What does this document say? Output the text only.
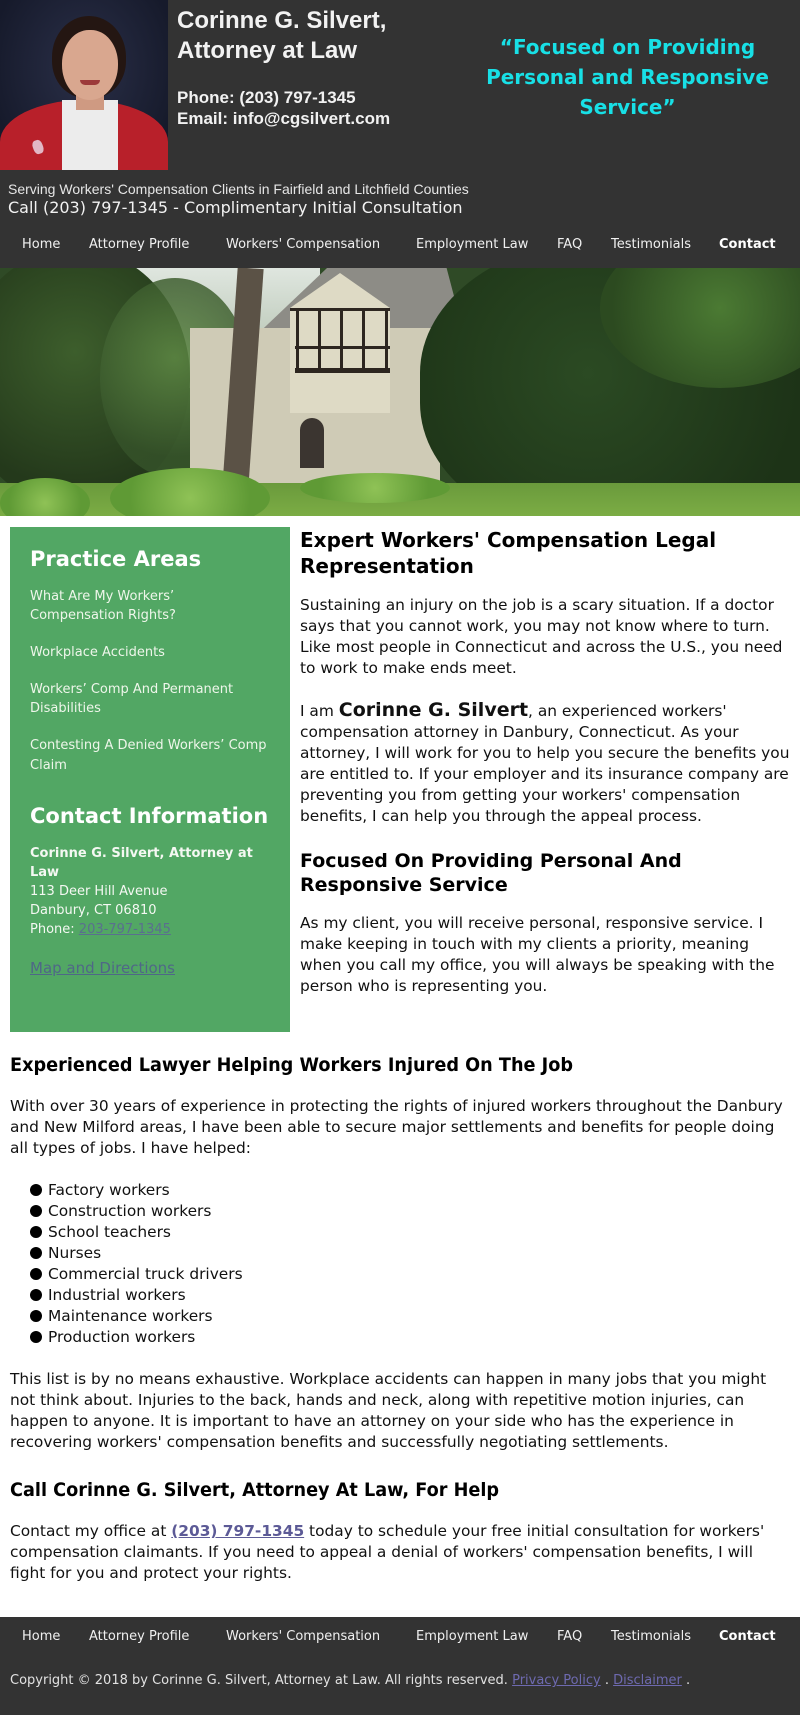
Corinne G. Silvert,
Attorney at Law
Phone: (203) 797-1345
Email: info@cgsilvert.com
“Focused on Providing
Personal and Responsive
Service”
Serving Workers' Compensation Clients in Fairfield and Litchfield Counties
Call (203) 797-1345 - Complimentary Initial Consultation
Home Attorney Profile	Workers' Compensation	Employment Law FAQ Testimonials Contact
Practice Areas
What Are My Workers’
Compensation Rights?
Workplace Accidents
Workers’ Comp And Permanent
Disabilities
Contesting A Denied Workers’ Comp
Claim
Contact Information
Corinne G. Silvert, Attorney at
Law
113 Deer Hill Avenue
Danbury, CT 06810
Phone: 203-797-1345
Map and Directions
Expert Workers' Compensation Legal
Representation

Sustaining an injury on the job is a scary situation. If a doctor says that you cannot work, you may not know where to turn. Like most people in Connecticut and across the U.S., you need to work to make ends meet.

I am Corinne G. Silvert, an experienced workers' compensation attorney in Danbury, Connecticut. As your attorney, I will work for you to help you secure the benefits you are entitled to. If your employer and its insurance company are preventing you from getting your workers' compensation benefits, I can help you through the appeal process.

Focused On Providing Personal And Responsive Service

As my client, you will receive personal, responsive service. I make keeping in touch with my clients a priority, meaning when you call my office, you will always be speaking with the person who is representing you.

Experienced Lawyer Helping Workers Injured On The Job

With over 30 years of experience in protecting the rights of injured workers throughout the Danbury and New Milford areas, I have been able to secure major settlements and benefits for people doing all types of jobs. I have helped:

Factory workers
Construction workers
School teachers
Nurses
Commercial truck drivers
Industrial workers
Maintenance workers
Production workers

This list is by no means exhaustive. Workplace accidents can happen in many jobs that you might not think about. Injuries to the back, hands and neck, along with repetitive motion injuries, can happen to anyone. It is important to have an attorney on your side who has the experience in recovering workers' compensation benefits and successfully negotiating settlements.

Call Corinne G. Silvert, Attorney At Law, For Help

Contact my office at (203) 797-1345 today to schedule your free initial consultation for workers' compensation claimants. If you need to appeal a denial of workers' compensation benefits, I will fight for you and protect your rights.

Home Attorney Profile	Workers' Compensation	Employment Law FAQ Testimonials Contact
Copyright © 2018 by Corinne G. Silvert, Attorney at Law. All rights reserved. Privacy Policy . Disclaimer .
